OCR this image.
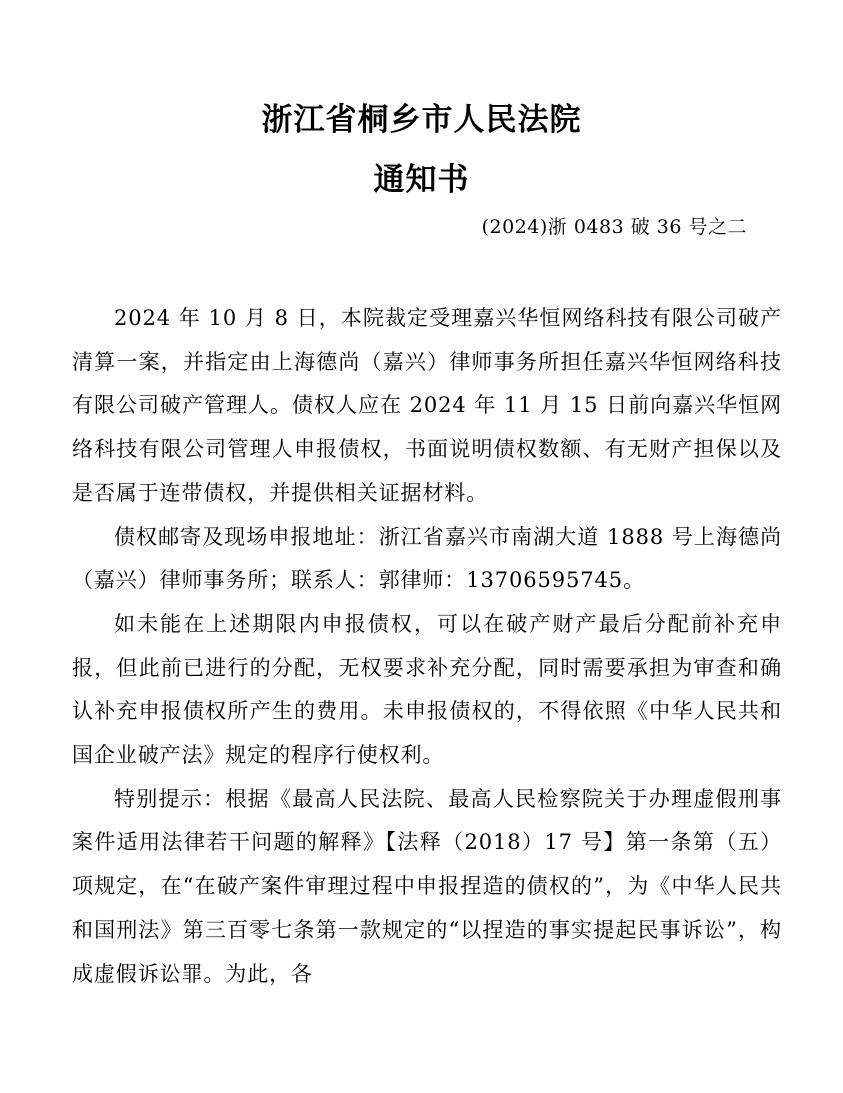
浙江省桐乡市人民法院
通知书
(2024)浙 0483 破 36 号之二

2024 年 10 月 8 日，本院裁定受理嘉兴华恒网络科技有限公司破产清算一案，并指定由上海德尚（嘉兴）律师事务所担任嘉兴华恒网络科技有限公司破产管理人。债权人应在 2024 年 11 月 15 日前向嘉兴华恒网络科技有限公司管理人申报债权，书面说明债权数额、有无财产担保以及是否属于连带债权，并提供相关证据材料。

债权邮寄及现场申报地址：浙江省嘉兴市南湖大道 1888 号上海德尚（嘉兴）律师事务所；联系人：郭律师：13706595745。

如未能在上述期限内申报债权，可以在破产财产最后分配前补充申报，但此前已进行的分配，无权要求补充分配，同时需要承担为审查和确认补充申报债权所产生的费用。未申报债权的，不得依照《中华人民共和国企业破产法》规定的程序行使权利。

特别提示：根据《最高人民法院、最高人民检察院关于办理虚假刑事案件适用法律若干问题的解释》【法释（2018）17 号】第一条第（五）项规定，在“在破产案件审理过程中申报捏造的债权的”，为《中华人民共和国刑法》第三百零七条第一款规定的“以捏造的事实提起民事诉讼”，构成虚假诉讼罪。为此，各
